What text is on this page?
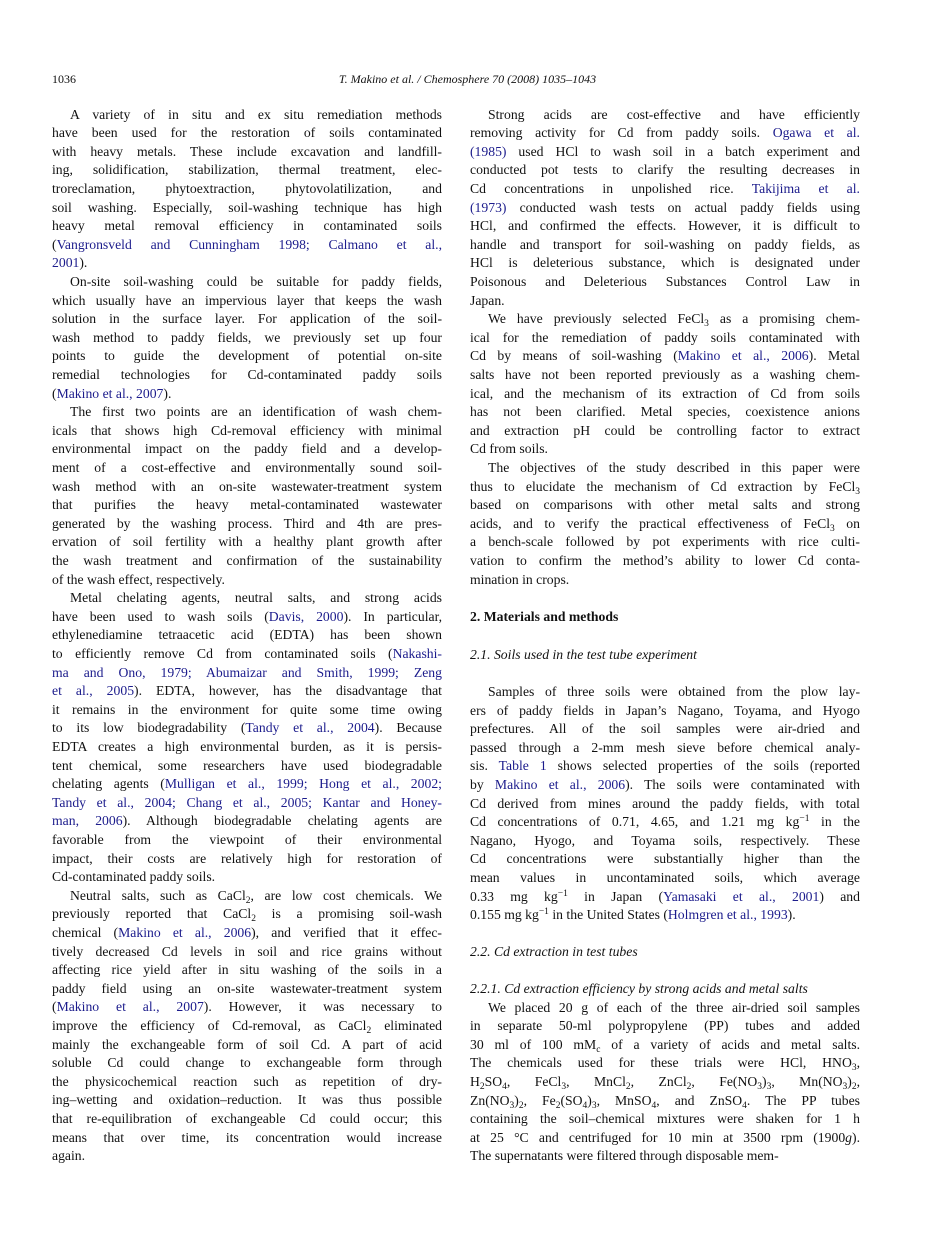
1036	T. Makino et al. / Chemosphere 70 (2008) 1035–1043
A variety of in situ and ex situ remediation methods
have been used for the restoration of soils contaminated
with heavy metals. These include excavation and landfill-
ing, solidification, stabilization, thermal treatment, elec-
troreclamation, phytoextraction, phytovolatilization, and
soil washing. Especially, soil-washing technique has high
heavy metal removal efficiency in contaminated soils
(Vangronsveld and Cunningham 1998; Calmano et al.,
2001).
On-site soil-washing could be suitable for paddy fields,
which usually have an impervious layer that keeps the wash
solution in the surface layer. For application of the soil-
wash method to paddy fields, we previously set up four
points to guide the development of potential on-site
remedial technologies for Cd-contaminated paddy soils
(Makino et al., 2007).
The first two points are an identification of wash chem-
icals that shows high Cd-removal efficiency with minimal
environmental impact on the paddy field and a develop-
ment of a cost-effective and environmentally sound soil-
wash method with an on-site wastewater-treatment system
that purifies the heavy metal-contaminated wastewater
generated by the washing process. Third and 4th are pres-
ervation of soil fertility with a healthy plant growth after
the wash treatment and confirmation of the sustainability
of the wash effect, respectively.
Metal chelating agents, neutral salts, and strong acids
have been used to wash soils (Davis, 2000). In particular,
ethylenediamine tetraacetic acid (EDTA) has been shown
to efficiently remove Cd from contaminated soils (Nakashi-
ma and Ono, 1979; Abumaizar and Smith, 1999; Zeng
et al., 2005). EDTA, however, has the disadvantage that
it remains in the environment for quite some time owing
to its low biodegradability (Tandy et al., 2004). Because
EDTA creates a high environmental burden, as it is persis-
tent chemical, some researchers have used biodegradable
chelating agents (Mulligan et al., 1999; Hong et al., 2002;
Tandy et al., 2004; Chang et al., 2005; Kantar and Honey-
man, 2006). Although biodegradable chelating agents are
favorable from the viewpoint of their environmental
impact, their costs are relatively high for restoration of
Cd-contaminated paddy soils.
Neutral salts, such as CaCl$_2$, are low cost chemicals. We
previously reported that CaCl$_2$ is a promising soil-wash
chemical (Makino et al., 2006), and verified that it effec-
tively decreased Cd levels in soil and rice grains without
affecting rice yield after in situ washing of the soils in a
paddy field using an on-site wastewater-treatment system
(Makino et al., 2007). However, it was necessary to
improve the efficiency of Cd-removal, as CaCl$_2$ eliminated
mainly the exchangeable form of soil Cd. A part of acid
soluble Cd could change to exchangeable form through
the physicochemical reaction such as repetition of dry-
ing–wetting and oxidation–reduction. It was thus possible
that re-equilibration of exchangeable Cd could occur; this
means that over time, its concentration would increase
again.
Strong acids are cost-effective and have efficiently
removing activity for Cd from paddy soils. Ogawa et al.
(1985) used HCl to wash soil in a batch experiment and
conducted pot tests to clarify the resulting decreases in
Cd concentrations in unpolished rice. Takijima et al.
(1973) conducted wash tests on actual paddy fields using
HCl, and confirmed the effects. However, it is difficult to
handle and transport for soil-washing on paddy fields, as
HCl is deleterious substance, which is designated under
Poisonous and Deleterious Substances Control Law in
Japan.
We have previously selected FeCl$_3$ as a promising chem-
ical for the remediation of paddy soils contaminated with
Cd by means of soil-washing (Makino et al., 2006). Metal
salts have not been reported previously as a washing chem-
ical, and the mechanism of its extraction of Cd from soils
has not been clarified. Metal species, coexistence anions
and extraction pH could be controlling factor to extract
Cd from soils.
The objectives of the study described in this paper were
thus to elucidate the mechanism of Cd extraction by FeCl$_3$
based on comparisons with other metal salts and strong
acids, and to verify the practical effectiveness of FeCl$_3$ on
a bench-scale followed by pot experiments with rice culti-
vation to confirm the method’s ability to lower Cd conta-
mination in crops.
2. Materials and methods
2.1. Soils used in the test tube experiment
Samples of three soils were obtained from the plow lay-
ers of paddy fields in Japan’s Nagano, Toyama, and Hyogo
prefectures. All of the soil samples were air-dried and
passed through a 2-mm mesh sieve before chemical analy-
sis. Table 1 shows selected properties of the soils (reported
by Makino et al., 2006). The soils were contaminated with
Cd derived from mines around the paddy fields, with total
Cd concentrations of 0.71, 4.65, and 1.21 mg $kg^{-1}$ in the
Nagano, Hyogo, and Toyama soils, respectively. These
Cd concentrations were substantially higher than the
mean values in uncontaminated soils, which average
0.33 mg $kg^{-1}$ in Japan (Yamasaki et al., 2001) and
0.155 mg $kg^{-1}$ in the United States (Holmgren et al., 1993).
2.2. Cd extraction in test tubes
2.2.1. Cd extraction efficiency by strong acids and metal salts
We placed 20 g of each of the three air-dried soil samples
in separate 50-ml polypropylene (PP) tubes and added
30 ml of 100 $mM_c$ of a variety of acids and metal salts.
The chemicals used for these trials were HCl, $HNO_3$,
$H_2SO_4$, FeCl$_3$, MnCl$_2$, ZnCl$_2$, $Fe(NO_3)_3$, $Mn(NO_3)_2$,
$Zn(NO_3)_2$, $Fe_2(SO_4)_3$, MnSO$_4$, and ZnSO$_4$. The PP tubes
containing the soil–chemical mixtures were shaken for 1 h
at 25 °C and centrifuged for 10 min at 3500 rpm (1900g).
The supernatants were filtered through disposable mem-
